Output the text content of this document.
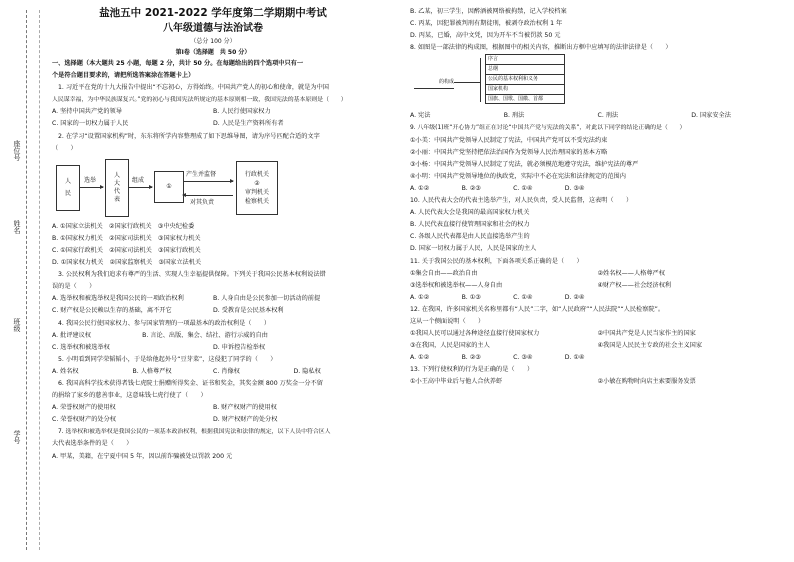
座位号
姓名
班级
学号
盐池五中 2021-2022 学年度第二学期期中考试
八年级道德与法治试卷
（总分 100 分）
第Ⅰ卷（选择题　共 50 分）

一、选择题（本大题共 25 小题，每题 2 分，共计 50 分。在每题给出的四个选项中只有一

个是符合题目要求的，请把所选答案涂在答题卡上）

1. 习近平在党的十九大报告中提出“不忘初心，方得始终。中国共产党人的初心和使命，就是为中国

人民谋幸福，为中华民族谋复兴。”党的初心与我国宪法所规定的基本原则相一致，我国宪法的基本原则是（　　）

A. 坚持中国共产党的领导	B. 人民行使国家权力
C. 国家的一切权力属于人民	D. 人民是生产资料所有者

2. 在学习“设置国家机构”时，东东将所学内容整理成了如下思维导图，请为序号匹配合适的文字

（　　）

人
民
选举
人
大
代
表
组成
①
产生并监督
对其负责
行政机关
②
审判机关
检察机关

A. ①国家立法机关　②国家行政机关　③中央纪检委

B. ①国家权力机关　②国家司法机关　③国家权力机关

C. ①国家行政机关　②国家司法机关　③国家行政机关

D. ①国家权力机关　②国家监察机关　③国家立法机关

3. 公民权利为我们追求有尊严的生活、实现人生幸福提供保障。下列关于我国公民基本权利说法错

误的是（　　）

A. 选举权和被选举权是我国公民的一项政治权利	B. 人身自由是公民参加一切活动的前提
C. 财产权是公民赖以生存的基础，离不开它	D. 受教育是公民基本权利

4. 我国公民行使国家权力、参与国家管理的一项最基本的政治权利是（　　）

A. 批评建议权	B. 言论、出版、集会、结社、游行示威的自由
C. 选举权和被选举权	D. 申诉控告检举权

5. 小明看到同学荣韬韬小，于是给他起外号“豆芽菜”，这侵犯了同学的（　　）

A. 姓名权	B. 人格尊严权	C. 肖像权	D. 隐私权

6. 我国高科学技术获得者钱七虎院士捐赠所得奖金、证书和奖金，其奖金额 800 万奖金一分不留

的捐给了家乡的慈善事业，这意味钱七虎行使了（　　）

A. 荣誉权财产的使用权	B. 财产权财产的使用权
C. 荣誉权财产的处分权	D. 财产权财产的处分权

7. 选举权和被选举权是我国公民的一项基本政治权利，根据我国宪法和法律的规定，以下人员中符合区人

大代表选举条件的是（　　）

A. 甲某，美籍，在宁夏中国 5 年，因以前诈骗被处以罚款 200 元

B. 乙某，初三学生，因醉酒被网络被拘禁，记入学校档案

C. 丙某，因犯罪被判刑有期徒刑，被剥夺政治权利 1 年

D. 丙某，已婚，高中文凭，因为开车不当被罚款 50 元

8. 如图是一部法律的构成图，根据图中的相关内容，推断出方框中应填写的法律法律是（　　）

的构成
序言
总纲
公民的基本权利和义务
国家机构
国旗、国歌、国徽、首都
A. 宪法	B. 刑法	C. 刑法	D. 国家安全法

9. 八年级(1)班“开心协力”组正在讨论“中国共产党与宪法的关系”，对此以下同学的结论正确的是（　　）

①小美：中国共产党领导人民制定了宪法，中国共产党可以不受宪法约束

②小丽：中国共产党坚持把依法治国作为党领导人民治理国家的基本方略

③小杨：中国共产党领导人民制定了宪法，就必须模范地遵守宪法，维护宪法的尊严

④小明：中国共产党领导地位的执政党，实际中不必在宪法和法律规定的范围内

A. ①②	B. ②③	C. ①④	D. ③④

10. 人民代表大会的代表主选举产生，对人民负责，受人民监督，这表明（　　）

A. 人民代表大会是我国的最高国家权力机关

B. 人民代表直接行使管理国家和社会的权力

C. 各级人民代表都是由人民直接选举产生的

D. 国家一切权力属于人民，人民是国家的主人

11. 关于我国公民的基本权利，下面各项关系正确的是（　　）

①集会自由——政治自由	②姓名权——人格尊严权
③选举权和被选举权——人身自由	④财产权——社会经济权利
A. ①②	B. ①③	C. ①④	D. ②④

12. 在我国，许多国家机关名称里都有“人民”二字，如“人民政府”“人民法院”“人民检察院”。

这从一个侧面说明（　　）

①我国人民可以通过各种途径直接行使国家权力	②中国共产党是人民当家作主的国家
③在我国，人民是国家的主人	④我国是人民民主专政的社会主义国家
A. ①②	B. ②③	C. ③④	D. ①④

13. 下列行使权利的行为是正确的是（　　）

①小王高中毕业后与他人合伙养虾	②小敏在购物时向店主索要服务发票
